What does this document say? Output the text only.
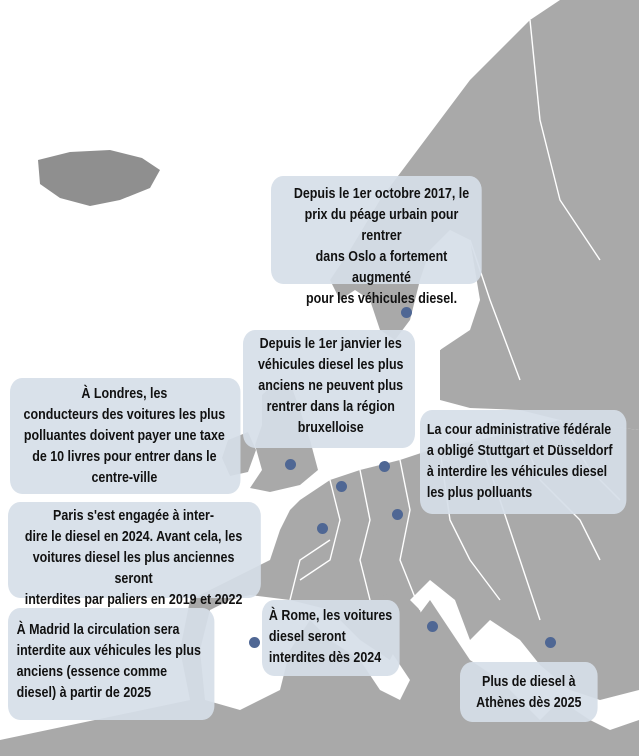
Depuis le 1er octobre 2017, le
prix du péage urbain pour rentrer
dans Oslo a fortement augmenté
pour les véhicules diesel.
Depuis le 1er janvier les
véhicules diesel les plus
anciens ne peuvent plus
rentrer dans la région
bruxelloise
À Londres, les
conducteurs des voitures les plus
polluantes doivent payer une taxe
de 10 livres pour entrer dans le
centre-ville
La cour administrative fédérale
a obligé Stuttgart et Düsseldorf
à interdire les véhicules diesel
les plus polluants
Paris s'est engagée à inter-
dire le diesel en 2024. Avant cela, les
voitures diesel les plus anciennes seront
interdites par paliers en 2019 et 2022
À Madrid la circulation sera
interdite aux véhicules les plus
anciens (essence comme
diesel) à partir de 2025
À Rome, les voitures
diesel seront
interdites dès 2024
Plus de diesel à
Athènes dès 2025
